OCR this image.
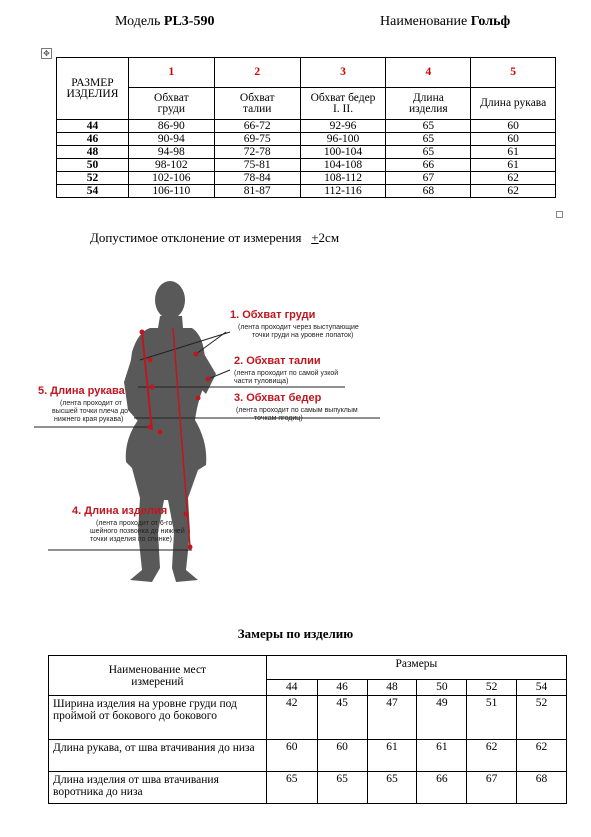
Модель PL3-590	Наименование Гольф
✥
РАЗМЕР ИЗДЕЛИЯ	1	2	3	4	5
	Обхват груди	Обхват талии	Обхват бедер I. II.	Длина изделия	Длина рукава
44	86-90	66-72	92-96	65	60
46	90-94	69-75	96-100	65	60
48	94-98	72-78	100-104	65	61
50	98-102	75-81	104-108	66	61
52	102-106	78-84	108-112	67	62
54	106-110	81-87	112-116	68	62
Допустимое отклонение от измерения +2см
1. Обхват груди
(лента проходит через выступающие
точки груди на уровне лопаток)
2. Обхват талии
(лента проходит по самой узкой
части туловища)
3. Обхват бедер
(лента проходит по самым выпуклым
точкам ягодиц)
4. Длина изделия
(лента проходит от 6-го
шейного позвонка до нижней
точки изделия по спинке)
5. Длина рукава
(лента проходит от
высшей точки плеча до
нижнего края рукава)
Замеры по изделию
Наименование мест измерений	Размеры					
	44	46	48	50	52	54
Ширина изделия на уровне груди под проймой от бокового до бокового	42	45	47	49	51	52
Длина рукава, от шва втачивания до низа	60	60	61	61	62	62
Длина изделия от шва втачивания воротника до низа	65	65	65	66	67	68
